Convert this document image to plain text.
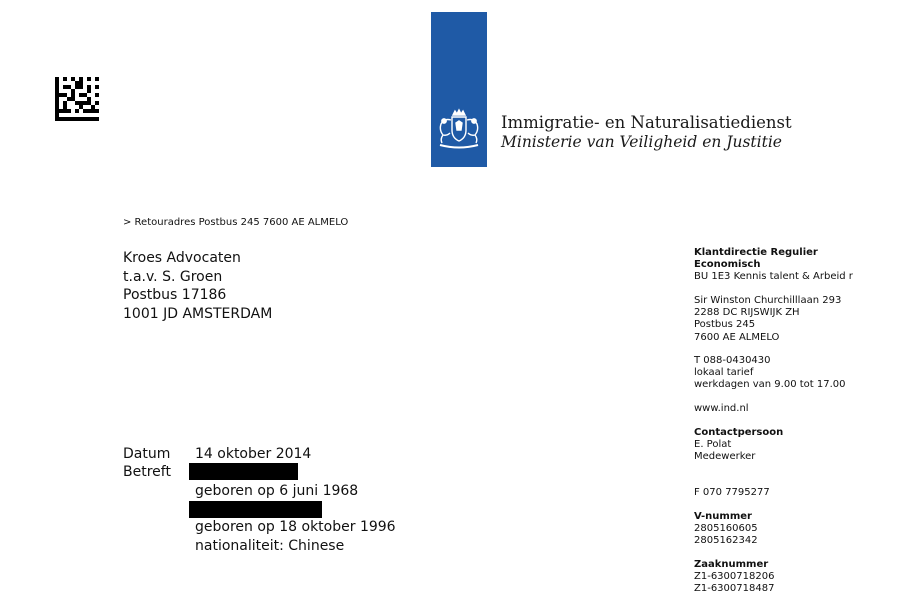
Immigratie- en Naturalisatiedienst
Ministerie van Veiligheid en Justitie
> Retouradres Postbus 245 7600 AE ALMELO
Kroes Advocaten
t.a.v. S. Groen
Postbus 17186
1001 JD AMSTERDAM
Datum 14 oktober 2014
Betreft
geboren op 6 juni 1968
geboren op 18 oktober 1996
nationaliteit: Chinese
Klantdirectie Regulier
Economisch
BU 1E3 Kennis talent & Arbeid r
Sir Winston Churchilllaan 293
2288 DC RIJSWIJK ZH
Postbus 245
7600 AE ALMELO
T 088-0430430
lokaal tarief
werkdagen van 9.00 tot 17.00
www.ind.nl
Contactpersoon
E. Polat
Medewerker
F 070 7795277
V-nummer
2805160605
2805162342
Zaaknummer
Z1-6300718206
Z1-6300718487
